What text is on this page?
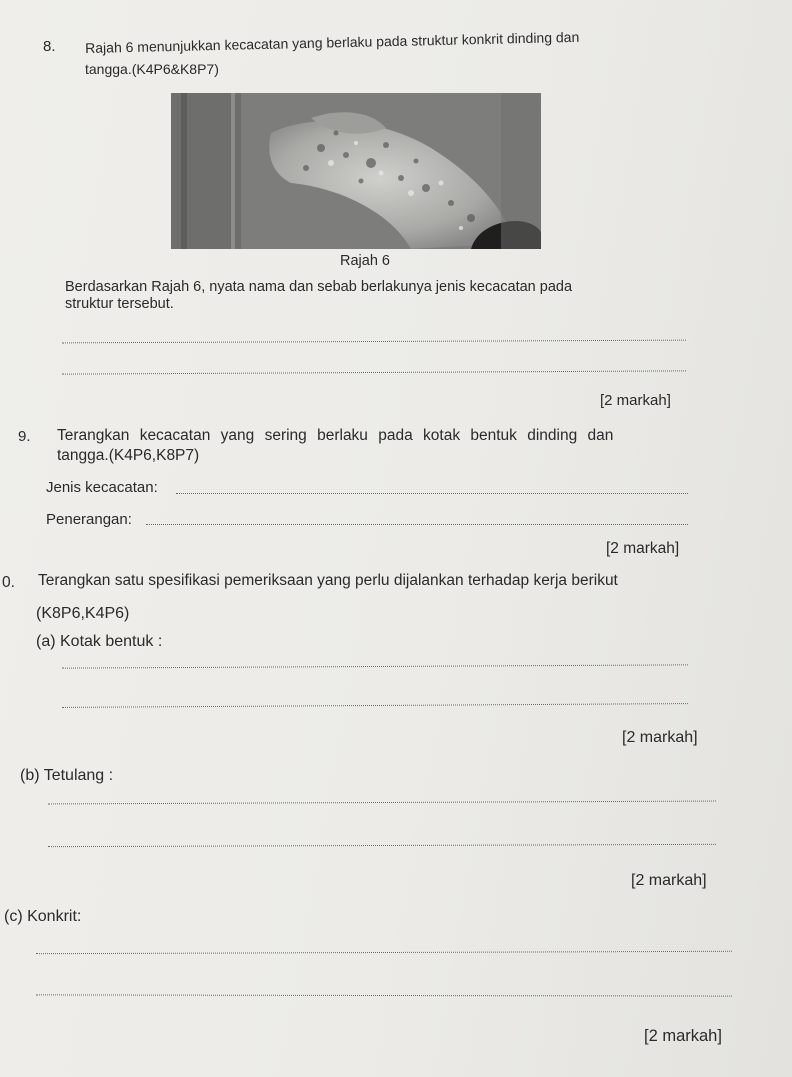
8. Rajah 6 menunjukkan kecacatan yang berlaku pada struktur konkrit dinding dan
tangga.(K4P6&K8P7)
Rajah 6
Berdasarkan Rajah 6, nyata nama dan sebab berlakunya jenis kecacatan pada
struktur tersebut.
[2 markah]
9. Terangkan kecacatan yang sering berlaku pada kotak bentuk dinding dan
tangga.(K4P6,K8P7)
Jenis kecacatan:
Penerangan:
[2 markah]
0. Terangkan satu spesifikasi pemeriksaan yang perlu dijalankan terhadap kerja berikut
(K8P6,K4P6)
(a) Kotak bentuk :
[2 markah]
(b) Tetulang :
[2 markah]
(c) Konkrit:
[2 markah]
